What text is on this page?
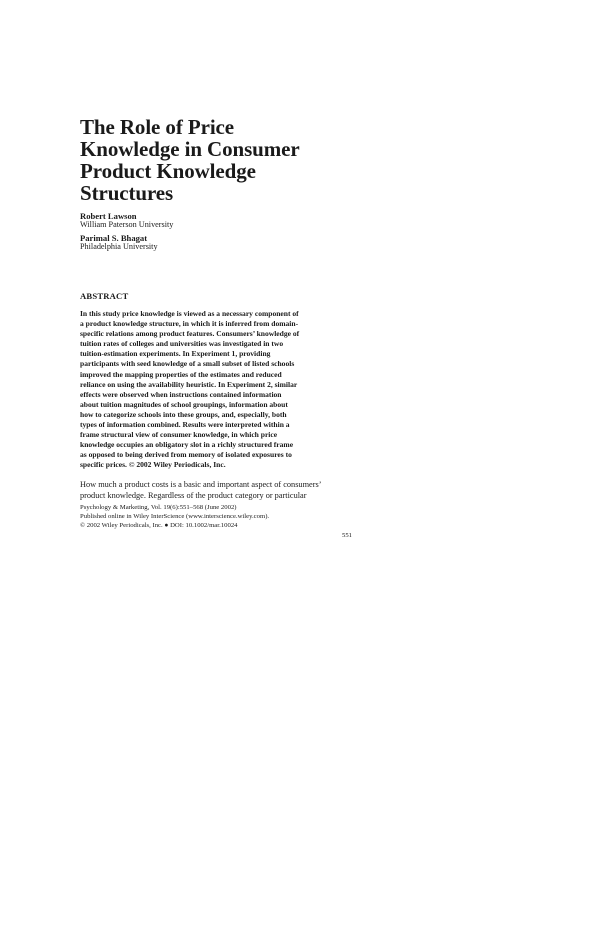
The Role of Price
Knowledge in Consumer
Product Knowledge
Structures
Robert Lawson
William Paterson University
Parimal S. Bhagat
Philadelphia University
ABSTRACT
In this study price knowledge is viewed as a necessary component of
a product knowledge structure, in which it is inferred from domain-
specific relations among product features. Consumers’ knowledge of
tuition rates of colleges and universities was investigated in two
tuition-estimation experiments. In Experiment 1, providing
participants with seed knowledge of a small subset of listed schools
improved the mapping properties of the estimates and reduced
reliance on using the availability heuristic. In Experiment 2, similar
effects were observed when instructions contained information
about tuition magnitudes of school groupings, information about
how to categorize schools into these groups, and, especially, both
types of information combined. Results were interpreted within a
frame structural view of consumer knowledge, in which price
knowledge occupies an obligatory slot in a richly structured frame
as opposed to being derived from memory of isolated exposures to
specific prices. © 2002 Wiley Periodicals, Inc.
How much a product costs is a basic and important aspect of consumers’
product knowledge. Regardless of the product category or particular
Psychology & Marketing, Vol. 19(6):551–568 (June 2002)
Published online in Wiley InterScience (www.interscience.wiley.com).
© 2002 Wiley Periodicals, Inc. ● DOI: 10.1002/mar.10024
551
